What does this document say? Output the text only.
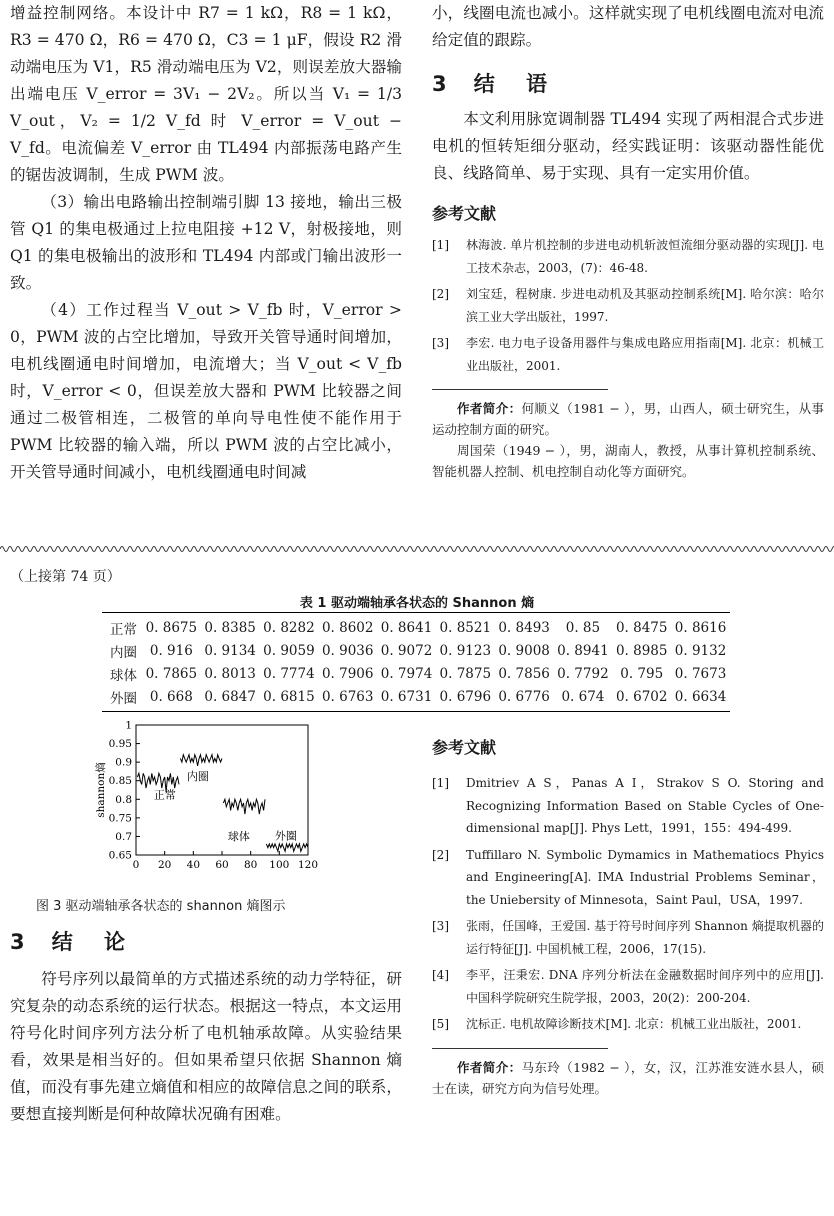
增益控制网络。本设计中 R7 = 1 kΩ，R8 = 1 kΩ，R3 = 470 Ω，R6 = 470 Ω，C3 = 1 μF，假设 R2 滑动端电压为 V1，R5 滑动端电压为 V2，则误差放大器输出端电压 V_error = 3V₁ − 2V₂。所以当 V₁ = 1/3 V_out，V₂ = 1/2 V_fd 时 V_error = V_out − V_fd。电流偏差 V_error 由 TL494 内部振荡电路产生的锯齿波调制，生成 PWM 波。

（3）输出电路输出控制端引脚 13 接地，输出三极管 Q1 的集电极通过上拉电阻接 +12 V，射极接地，则 Q1 的集电极输出的波形和 TL494 内部或门输出波形一致。

（4）工作过程当 V_out > V_fb 时，V_error > 0，PWM 波的占空比增加，导致开关管导通时间增加，电机线圈通电时间增加，电流增大；当 V_out < V_fb 时，V_error < 0，但误差放大器和 PWM 比较器之间通过二极管相连，二极管的单向导电性使不能作用于 PWM 比较器的输入端，所以 PWM 波的占空比减小，开关管导通时间减小，电机线圈通电时间减

小，线圈电流也减小。这样就实现了电机线圈电流对电流给定值的跟踪。

3 结 语

本文利用脉宽调制器 TL494 实现了两相混合式步进电机的恒转矩细分驱动，经实践证明：该驱动器性能优良、线路简单、易于实现、具有一定实用价值。

参考文献
[1] 林海波. 单片机控制的步进电动机斩波恒流细分驱动器的实现[J]. 电工技术杂志，2003，(7)：46-48.
[2] 刘宝廷，程树康. 步进电动机及其驱动控制系统[M]. 哈尔滨：哈尔滨工业大学出版社，1997.
[3] 李宏. 电力电子设备用器件与集成电路应用指南[M]. 北京：机械工业出版社，2001.

作者简介：何顺义（1981 − ），男，山西人，硕士研究生，从事运动控制方面的研究。

周国荣（1949 − ），男，湖南人，教授，从事计算机控制系统、智能机器人控制、机电控制自动化等方面研究。

（上接第 74 页）
表 1 驱动端轴承各状态的 Shannon 熵
正常	0. 8675	0. 8385	0. 8282	0. 8602	0. 8641	0. 8521	0. 8493	0. 85	0. 8475	0. 8616
内圈	0. 916	0. 9134	0. 9059	0. 9036	0. 9072	0. 9123	0. 9008	0. 8941	0. 8985	0. 9132
球体	0. 7865	0. 8013	0. 7774	0. 7906	0. 7974	0. 7875	0. 7856	0. 7792	0. 795	0. 7673
外圈	0. 668	0. 6847	0. 6815	0. 6763	0. 6731	0. 6796	0. 6776	0. 674	0. 6702	0. 6634
0.65
0.7
0.75
0.8
0.85
0.9
0.95
1
0 20 40 60 80 100 120
shannon熵	正常
内圈
球体 外圈
图 3 驱动端轴承各状态的 shannon 熵图示
3 结 论

符号序列以最简单的方式描述系统的动力学特征，研究复杂的动态系统的运行状态。根据这一特点，本文运用符号化时间序列方法分析了电机轴承故障。从实验结果看，效果是相当好的。但如果希望只依据 Shannon 熵值，而没有事先建立熵值和相应的故障信息之间的联系，要想直接判断是何种故障状况确有困难。

参考文献
[1] Dmitriev A S，Panas A I，Strakov S O. Storing and Recognizing Information Based on Stable Cycles of One-dimensional map[J]. Phys Lett，1991，155：494-499.
[2] Tuffillaro N. Symbolic Dymamics in Mathematiocs Phyics and Engineering[A]. IMA Industrial Problems Seminar，the Uniebersity of Minnesota，Saint Paul，USA，1997.
[3] 张雨，任国峰，王爱国. 基于符号时间序列 Shannon 熵提取机器的运行特征[J]. 中国机械工程，2006，17(15).
[4] 李平，汪秉宏. DNA 序列分析法在金融数据时间序列中的应用[J]. 中国科学院研究生院学报，2003，20(2)：200-204.
[5] 沈标正. 电机故障诊断技术[M]. 北京：机械工业出版社，2001.

作者简介：马东玲（1982 − ），女，汉，江苏淮安涟水县人，硕士在读，研究方向为信号处理。
